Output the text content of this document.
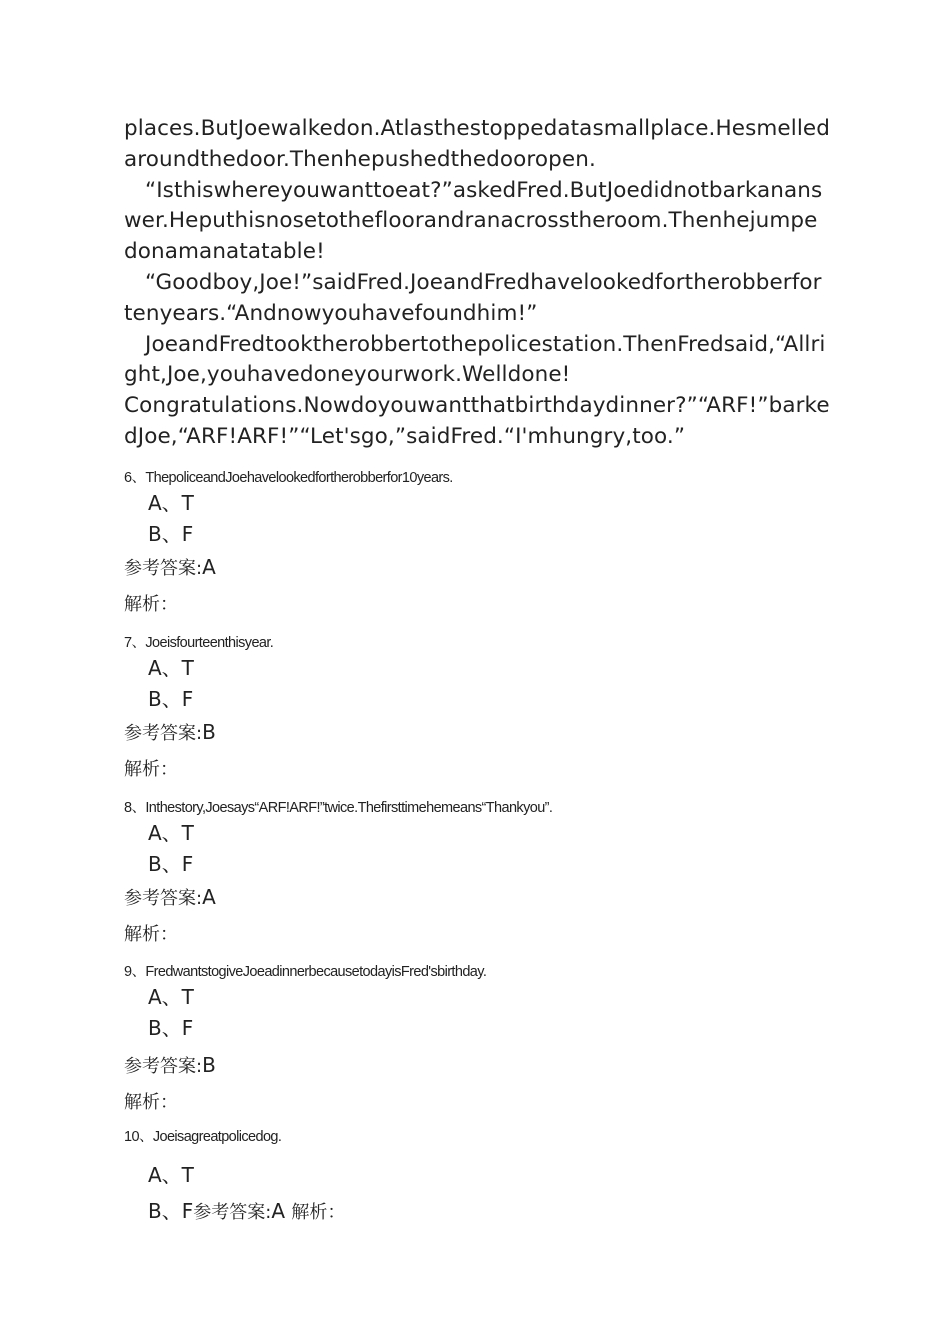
places.ButJoewalkedon.Atlasthestoppedatasmallplace.Hesmelledaroundthedoor.Thenhepushedthedooropen.

“Isthiswhereyouwanttoeat?”askedFred.ButJoedidnotbarkananswer.Heputhisnosetothefloorandranacrosstheroom.Thenhejumpedonamanatatable!

“Goodboy,Joe!”saidFred.JoeandFredhavelookedfortherobberfortenyears.“Andnowyouhavefoundhim!”

JoeandFredtooktherobbertothepolicestation.ThenFredsaid,“Allright,Joe,youhavedoneyourwork.Welldone!

Congratulations.Nowdoyouwantthatbirthdaydinner?”“ARF!”barkedJoe,“ARF!ARF!”“Let'sgo,”saidFred.“I'mhungry,too.”

6、ThepoliceandJoehavelookedfortherobberfor10years.
A、T
B、F
参考答案:A
解析：
7、Joeisfourteenthisyear.
A、T
B、F
参考答案:B
解析：
8、Inthestory,Joesays“ARF!ARF!”twice.Thefirsttimehemeans“Thankyou”.
A、T
B、F
参考答案:A
解析：
9、FredwantstogiveJoeadinnerbecausetodayisFred'sbirthday.
A、T
B、F
参考答案:B
解析：
10、Joeisagreatpolicedog.
A、T
B、F参考答案:A 解析：
